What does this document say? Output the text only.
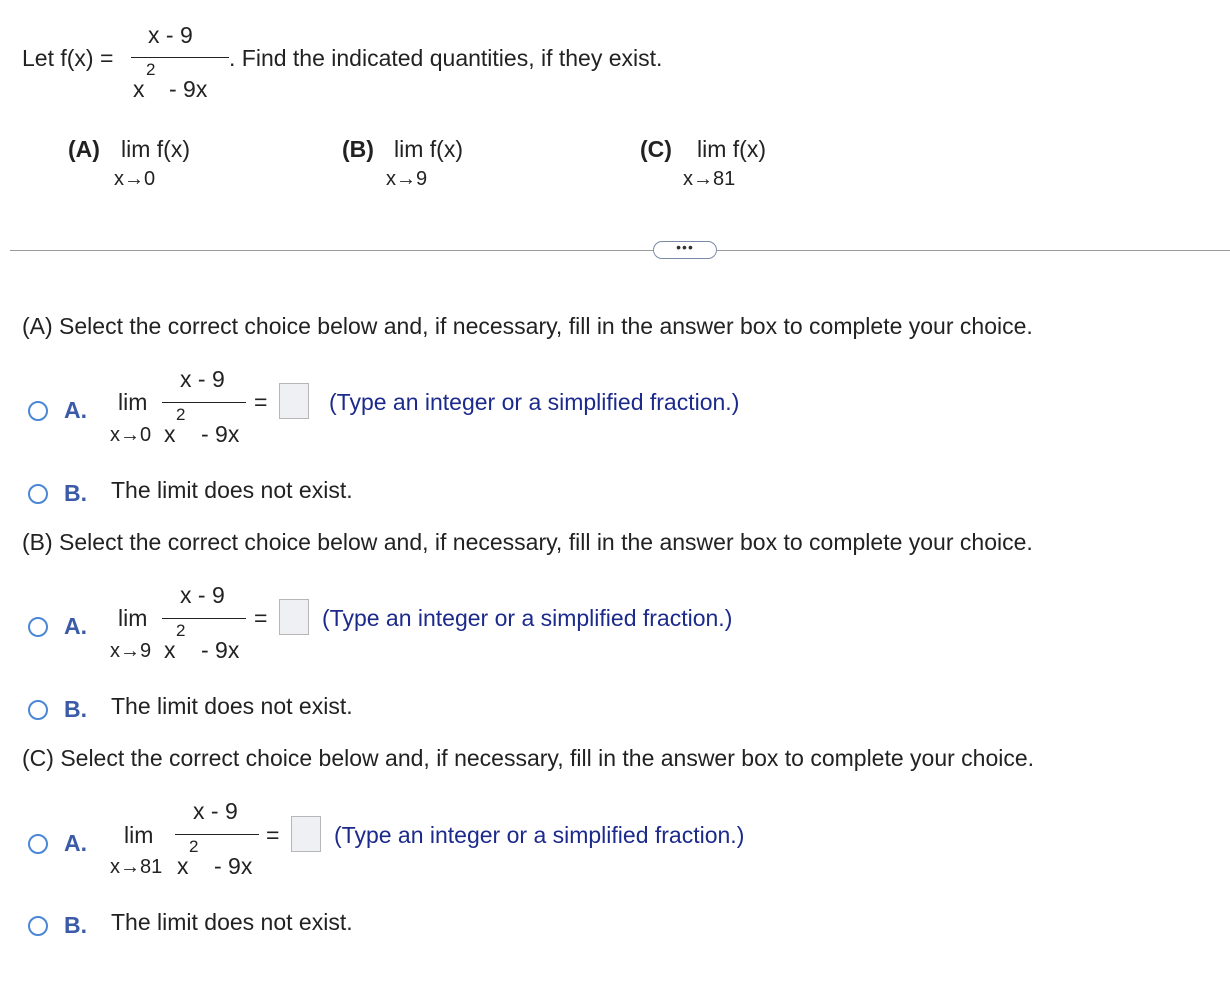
Let f(x) =
x - 9
x
2
- 9x
. Find the indicated quantities, if they exist.
(A) lim f(x)
x→0
(B) lim f(x)
x→9
(C) lim f(x)
x→81
•••
(A) Select the correct choice below and, if necessary, fill in the answer box to complete your choice.
A. lim
x→0
x - 9
x
2
- 9x
=	(Type an integer or a simplified fraction.)
B. The limit does not exist.
(B) Select the correct choice below and, if necessary, fill in the answer box to complete your choice.
A. lim
x→9
x - 9
x
2
- 9x
= (Type an integer or a simplified fraction.)
B. The limit does not exist.
(C) Select the correct choice below and, if necessary, fill in the answer box to complete your choice.
A. lim
x→81
x - 9
x
2
- 9x
= (Type an integer or a simplified fraction.)
B. The limit does not exist.
